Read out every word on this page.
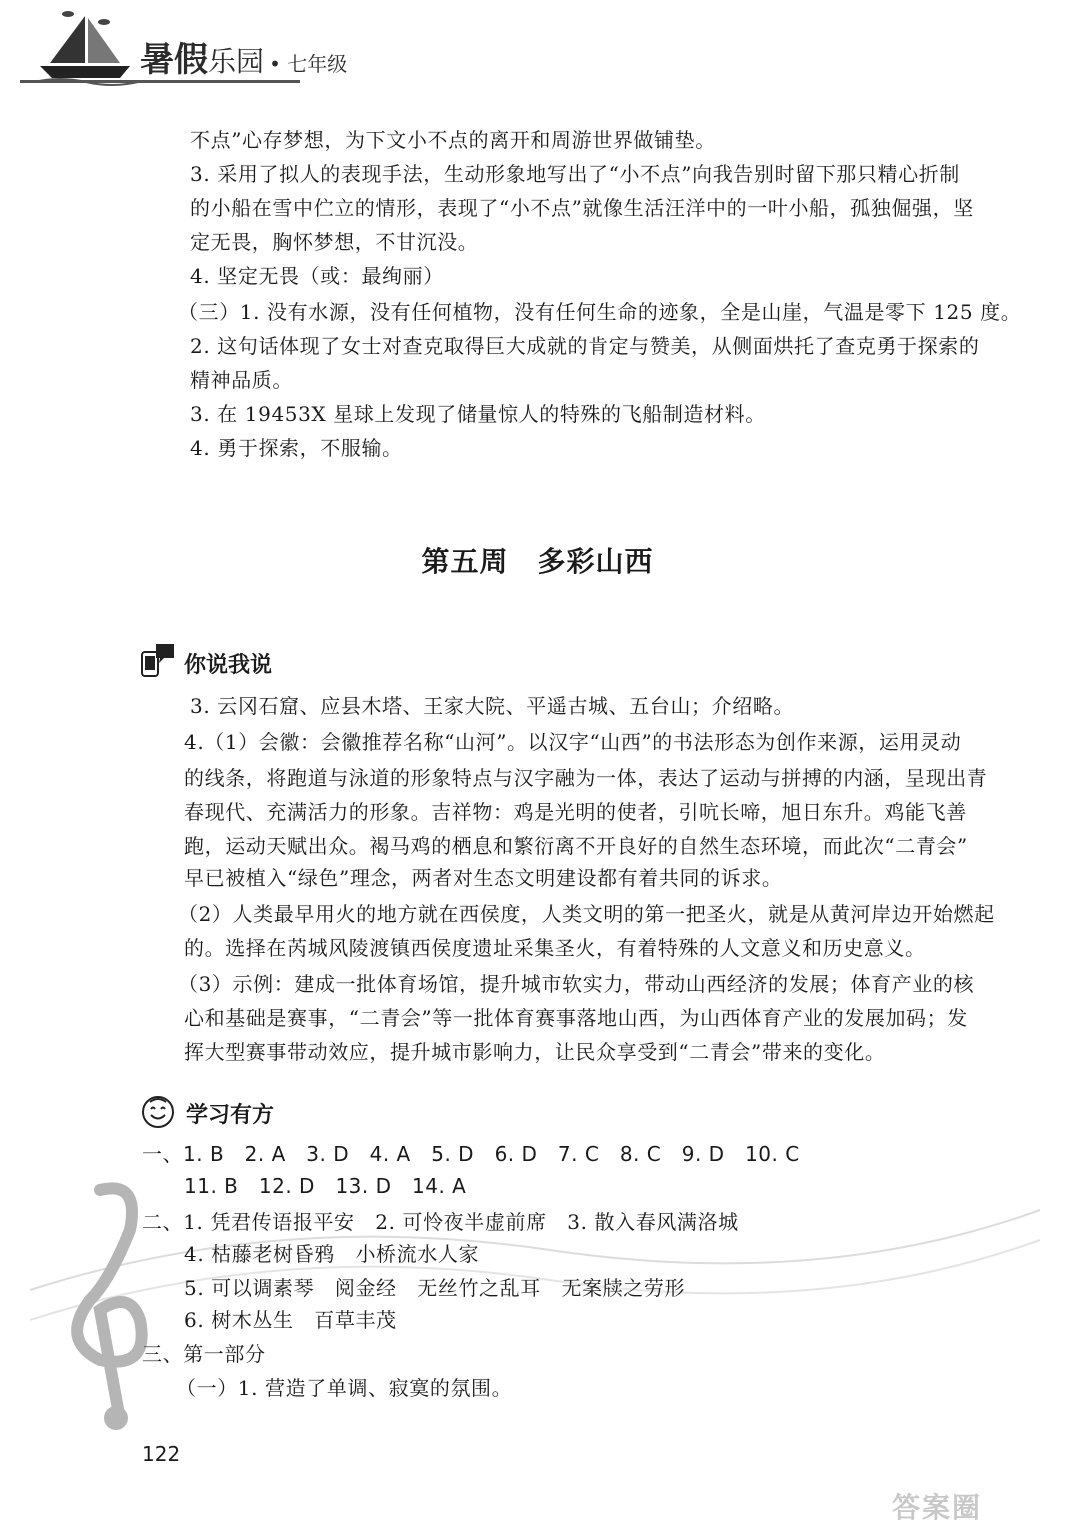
暑假乐园 • 七年级
不点”心存梦想，为下文小不点的离开和周游世界做铺垫。
3. 采用了拟人的表现手法，生动形象地写出了“小不点”向我告别时留下那只精心折制
的小船在雪中伫立的情形，表现了“小不点”就像生活汪洋中的一叶小船，孤独倔强，坚
定无畏，胸怀梦想，不甘沉没。
4. 坚定无畏（或：最绚丽）
（三）1. 没有水源，没有任何植物，没有任何生命的迹象，全是山崖，气温是零下 125 度。
2. 这句话体现了女士对查克取得巨大成就的肯定与赞美，从侧面烘托了查克勇于探索的
精神品质。
3. 在 19453X 星球上发现了储量惊人的特殊的飞船制造材料。
4. 勇于探索，不服输。
第五周　多彩山西
你说我说
3. 云冈石窟、应县木塔、王家大院、平遥古城、五台山；介绍略。
4.（1）会徽：会徽推荐名称“山河”。以汉字“山西”的书法形态为创作来源，运用灵动
的线条，将跑道与泳道的形象特点与汉字融为一体，表达了运动与拼搏的内涵，呈现出青
春现代、充满活力的形象。吉祥物：鸡是光明的使者，引吭长啼，旭日东升。鸡能飞善
跑，运动天赋出众。褐马鸡的栖息和繁衍离不开良好的自然生态环境，而此次“二青会”
早已被植入“绿色”理念，两者对生态文明建设都有着共同的诉求。
（2）人类最早用火的地方就在西侯度，人类文明的第一把圣火，就是从黄河岸边开始燃起
的。选择在芮城风陵渡镇西侯度遗址采集圣火，有着特殊的人文意义和历史意义。
（3）示例：建成一批体育场馆，提升城市软实力，带动山西经济的发展；体育产业的核
心和基础是赛事，“二青会”等一批体育赛事落地山西，为山西体育产业的发展加码；发
挥大型赛事带动效应，提升城市影响力，让民众享受到“二青会”带来的变化。
学习有方
一、1. B　2. A　3. D　4. A　5. D　6. D　7. C　8. C　9. D　10. C
11. B　12. D　13. D　14. A
二、1. 凭君传语报平安　2. 可怜夜半虚前席　3. 散入春风满洛城
4. 枯藤老树昏鸦　小桥流水人家
5. 可以调素琴　阅金经　无丝竹之乱耳　无案牍之劳形
6. 树木丛生　百草丰茂
三、第一部分
（一）1. 营造了单调、寂寞的氛围。
122
答案圈
